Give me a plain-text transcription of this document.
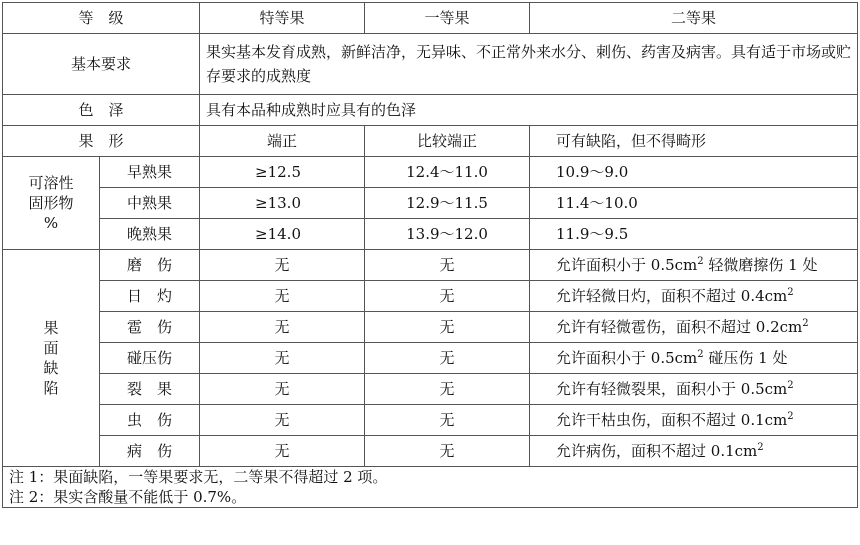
等　级		特等果	一等果	二等果
基本要求		果实基本发育成熟，新鲜洁净，无异味、不正常外来水分、刺伤、药害及病害。具有适于市场或贮存要求的成熟度		
色　泽		具有本品种成熟时应具有的色泽		
果　形		端正	比较端正	可有缺陷，但不得畸形

可溶性
固形物
%	早熟果	≥12.5	12.4～11.0	10.9～9.0
	中熟果	≥13.0	12.9～11.5	11.4～10.0
	晚熟果	≥14.0	13.9～12.0	11.9～9.5

果
面
缺
陷	磨　伤	无	无	允许面积小于 $0.5cm^2$ 轻微磨擦伤 1 处
	日　灼	无	无	允许轻微日灼，面积不超过 $0.4cm^2$
	雹　伤	无	无	允许有轻微雹伤，面积不超过 $0.2cm^2$
	碰压伤	无	无	允许面积小于 $0.5cm^2$ 碰压伤 1 处
	裂　果	无	无	允许有轻微裂果，面积小于 $0.5cm^2$
	虫　伤	无	无	允许干枯虫伤，面积不超过 $0.1cm^2$
	病　伤	无	无	允许病伤，面积不超过 $0.1cm^2$

注 1：果面缺陷，一等果要求无，二等果不得超过 2 项。
注 2：果实含酸量不能低于 0.7%。				
